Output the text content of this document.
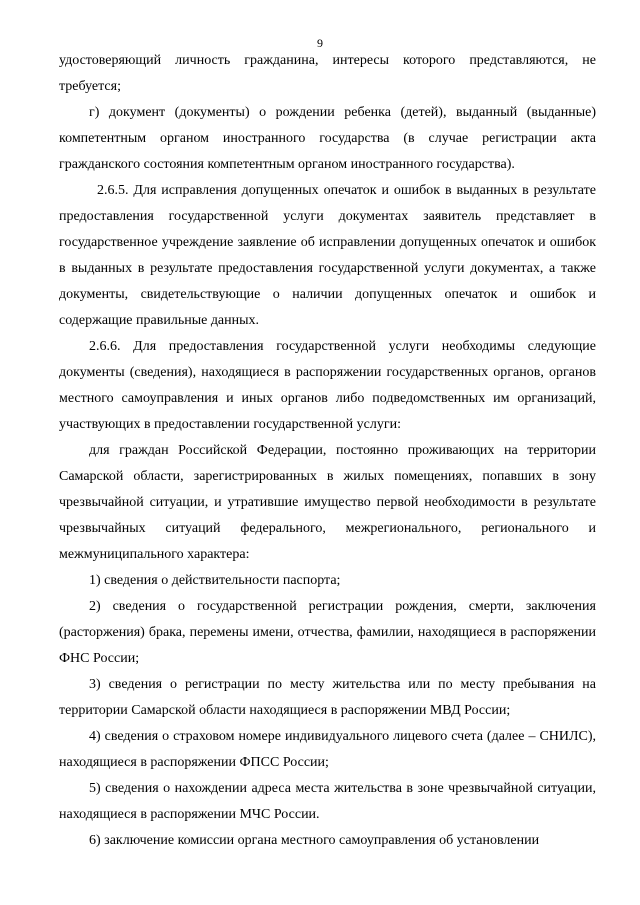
9

удостоверяющий личность гражданина, интересы которого представляются, не требуется;

г) документ (документы) о рождении ребенка (детей), выданный (выданные) компетентным органом иностранного государства (в случае регистрации акта гражданского состояния компетентным органом иностранного государства).

2.6.5. Для исправления допущенных опечаток и ошибок в выданных в результате предоставления государственной услуги документах заявитель представляет в государственное учреждение заявление об исправлении допущенных опечаток и ошибок в выданных в результате предоставления государственной услуги документах, а также документы, свидетельствующие о наличии допущенных опечаток и ошибок и содержащие правильные данных.

2.6.6. Для предоставления государственной услуги необходимы следующие документы (сведения), находящиеся в распоряжении государственных органов, органов местного самоуправления и иных органов либо подведомственных им организаций, участвующих в предоставлении государственной услуги:

для граждан Российской Федерации, постоянно проживающих на территории Самарской области, зарегистрированных в жилых помещениях, попавших в зону чрезвычайной ситуации, и утратившие имущество первой необходимости в результате чрезвычайных ситуаций федерального, межрегионального, регионального и межмуниципального характера:

1) сведения о действительности паспорта;

2) сведения о государственной регистрации рождения, смерти, заключения (расторжения) брака, перемены имени, отчества, фамилии, находящиеся в распоряжении ФНС России;

3) сведения о регистрации по месту жительства или по месту пребывания на территории Самарской области находящиеся в распоряжении МВД России;

4) сведения о страховом номере индивидуального лицевого счета (далее – СНИЛС), находящиеся в распоряжении ФПСС России;

5) сведения о нахождении адреса места жительства в зоне чрезвычайной ситуации, находящиеся в распоряжении МЧС России.

6) заключение комиссии органа местного самоуправления об установлении
